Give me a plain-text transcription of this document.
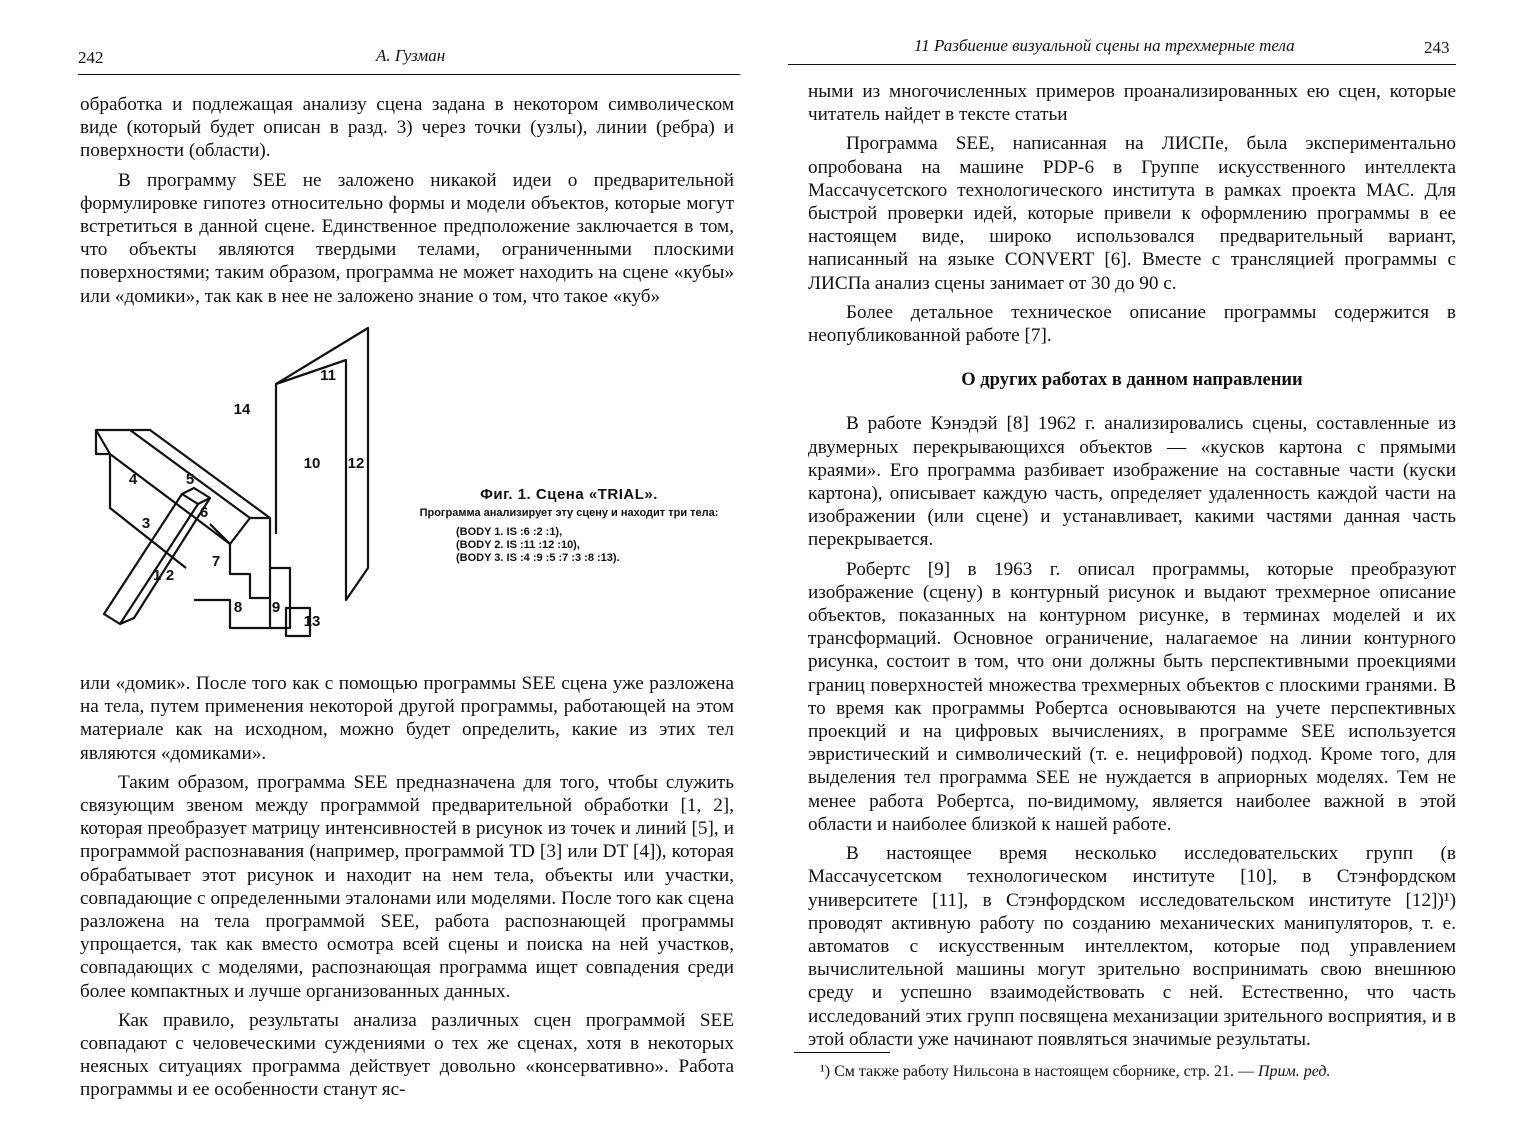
242	А. Гузман

обработка и подлежащая анализу сцена задана в некотором символическом виде (который будет описан в разд. 3) через точки (узлы), линии (ребра) и поверхности (области).

В программу SEE не заложено никакой идеи о предварительной формулировке гипотез относительно формы и модели объектов, которые могут встретиться в данной сцене. Единственное предположение заключается в том, что объекты являются твердыми телами, ограниченными плоскими поверхностями; таким образом, программа не может находить на сцене «кубы» или «домики», так как в нее не заложено знание о том, что такое «куб»

1 2
3
4	5
6
7
8 9
10
11
12
13
14
Фиг. 1. Сцена «TRIAL».
Программа анализирует эту сцену и находит три тела:
(BODY 1. IS :6 :2 :1),
(BODY 2. IS :11 :12 :10),
(BODY 3. IS :4 :9 :5 :7 :3 :8 :13).

или «домик». После того как с помощью программы SEE сцена уже разложена на тела, путем применения некоторой другой программы, работающей на этом материале как на исходном, можно будет определить, какие из этих тел являются «домиками».

Таким образом, программа SEE предназначена для того, чтобы служить связующим звеном между программой предварительной обработки [1, 2], которая преобразует матрицу интенсивностей в рисунок из точек и линий [5], и программой распознавания (например, программой TD [3] или DT [4]), которая обрабатывает этот рисунок и находит на нем тела, объекты или участки, совпадающие с определенными эталонами или моделями. После того как сцена разложена на тела программой SEE, работа распознающей программы упрощается, так как вместо осмотра всей сцены и поиска на ней участков, совпадающих с моделями, распознающая программа ищет совпадения среди более компактных и лучше организованных данных.

Как правило, результаты анализа различных сцен программой SEE совпадают с человеческими суждениями о тех же сценах, хотя в некоторых неясных ситуациях программа действует довольно «консервативно». Работа программы и ее особенности станут яс-

11 Разбиение визуальной сцены на трехмерные тела	243

ными из многочисленных примеров проанализированных ею сцен, которые читатель найдет в тексте статьи

Программа SEE, написанная на ЛИСПе, была экспериментально опробована на машине PDP-6 в Группе искусственного интеллекта Массачусетского технологического института в рамках проекта MAC. Для быстрой проверки идей, которые привели к оформлению программы в ее настоящем виде, широко использовался предварительный вариант, написанный на языке CONVERT [6]. Вместе с трансляцией программы с ЛИСПа анализ сцены занимает от 30 до 90 с.

Более детальное техническое описание программы содержится в неопубликованной работе [7].

О других работах в данном направлении

В работе Кэнэдэй [8] 1962 г. анализировались сцены, составленные из двумерных перекрывающихся объектов — «кусков картона с прямыми краями». Его программа разбивает изображение на составные части (куски картона), описывает каждую часть, определяет удаленность каждой части на изображении (или сцене) и устанавливает, какими частями данная часть перекрывается.

Робертс [9] в 1963 г. описал программы, которые преобразуют изображение (сцену) в контурный рисунок и выдают трехмерное описание объектов, показанных на контурном рисунке, в терминах моделей и их трансформаций. Основное ограничение, налагаемое на линии контурного рисунка, состоит в том, что они должны быть перспективными проекциями границ поверхностей множества трехмерных объектов с плоскими гранями. В то время как программы Робертса основываются на учете перспективных проекций и на цифровых вычислениях, в программе SEE используется эвристический и символический (т. е. нецифровой) подход. Кроме того, для выделения тел программа SEE не нуждается в априорных моделях. Тем не менее работа Робертса, по-видимому, является наиболее важной в этой области и наиболее близкой к нашей работе.

В настоящее время несколько исследовательских групп (в Массачусетском технологическом институте [10], в Стэнфордском университете [11], в Стэнфордском исследовательском институте [12])¹) проводят активную работу по созданию механических манипуляторов, т. е. автоматов с искусственным интеллектом, которые под управлением вычислительной машины могут зрительно воспринимать свою внешнюю среду и успешно взаимодействовать с ней. Естественно, что часть исследований этих групп посвящена механизации зрительного восприятия, и в этой области уже начинают появляться значимые результаты.

¹) См также работу Нильсона в настоящем сборнике, стр. 21. — Прим. ред.
